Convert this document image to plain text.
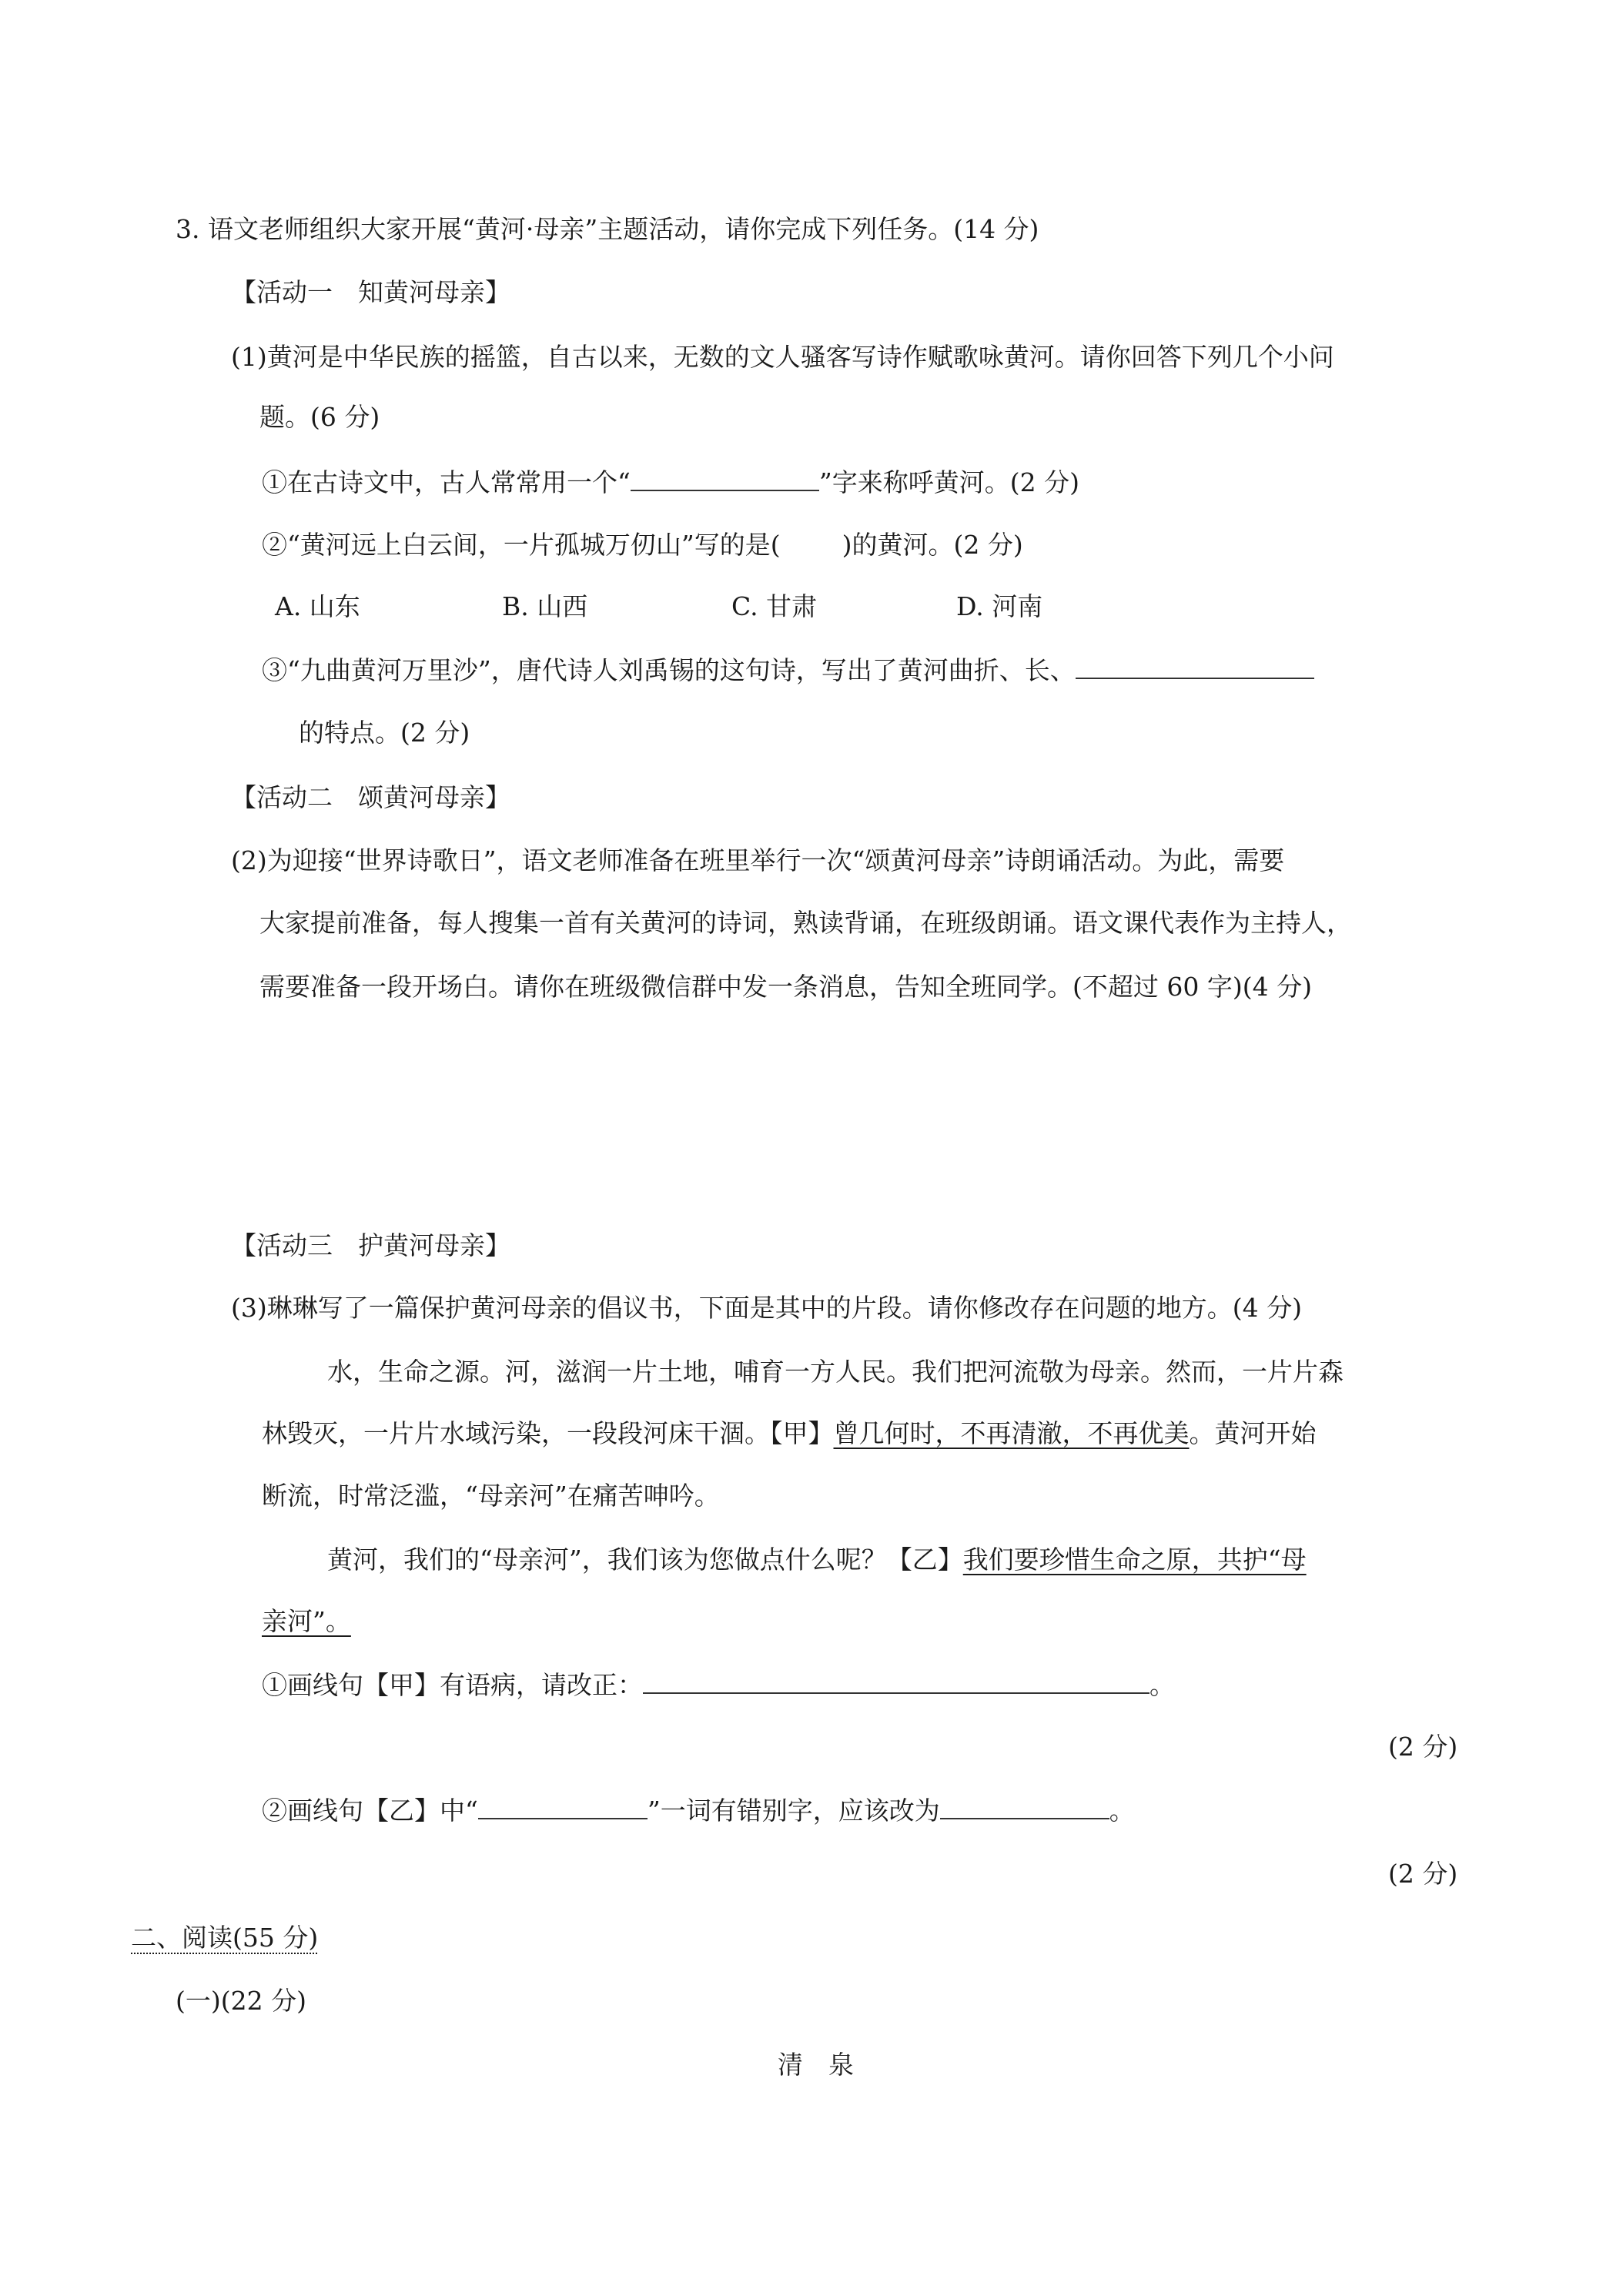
3. 语文老师组织大家开展“黄河·母亲”主题活动，请你完成下列任务。(14 分)
【活动一　知黄河母亲】
(1)黄河是中华民族的摇篮，自古以来，无数的文人骚客写诗作赋歌咏黄河。请你回答下列几个小问
题。(6 分)
①在古诗文中，古人常常用一个“	”字来称呼黄河。(2 分)
②“黄河远上白云间，一片孤城万仞山”写的是( )的黄河。(2 分)
A. 山东	B. 山西	C. 甘肃	D. 河南
③“九曲黄河万里沙”，唐代诗人刘禹锡的这句诗，写出了黄河曲折、长、
的特点。(2 分)
【活动二　颂黄河母亲】
(2)为迎接“世界诗歌日”，语文老师准备在班里举行一次“颂黄河母亲”诗朗诵活动。为此，需要
大家提前准备，每人搜集一首有关黄河的诗词，熟读背诵，在班级朗诵。语文课代表作为主持人，
需要准备一段开场白。请你在班级微信群中发一条消息，告知全班同学。(不超过 60 字)(4 分)
【活动三　护黄河母亲】
(3)琳琳写了一篇保护黄河母亲的倡议书，下面是其中的片段。请你修改存在问题的地方。(4 分)
水，生命之源。河，滋润一片土地，哺育一方人民。我们把河流敬为母亲。然而，一片片森
林毁灭，一片片水域污染，一段段河床干涸。【甲】曾几何时，不再清澈，不再优美。黄河开始
断流，时常泛滥，“母亲河”在痛苦呻吟。
黄河，我们的“母亲河”，我们该为您做点什么呢？【乙】我们要珍惜生命之原，共护“母
亲河”。
①画线句【甲】有语病，请改正：	。
(2 分)
②画线句【乙】中“	”一词有错别字，应该改为	。
(2 分)
二、阅读(55 分)
(一)(22 分)
清　泉
